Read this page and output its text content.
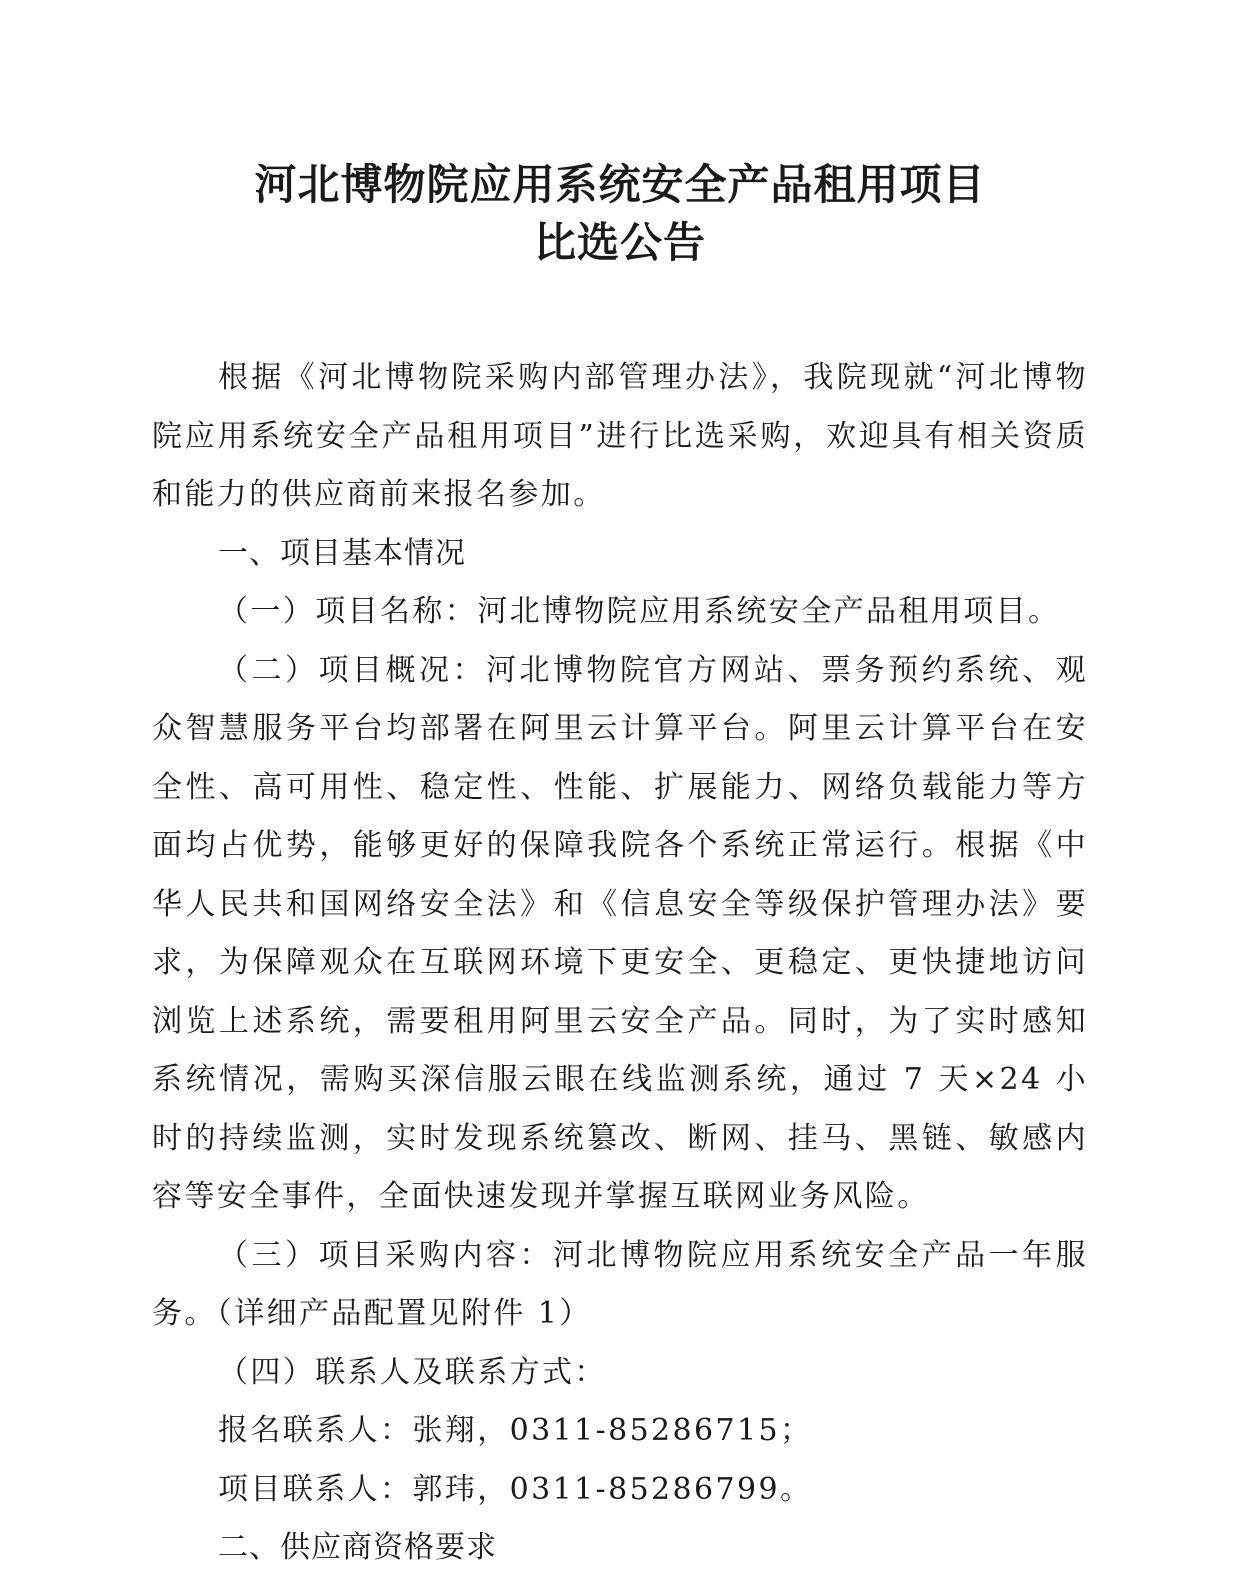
河北博物院应用系统安全产品租用项目
比选公告

根据《河北博物院采购内部管理办法》，我院现就“河北博物院应用系统安全产品租用项目”进行比选采购，欢迎具有相关资质和能力的供应商前来报名参加。

一、项目基本情况

（一）项目名称：河北博物院应用系统安全产品租用项目。

（二）项目概况：河北博物院官方网站、票务预约系统、观众智慧服务平台均部署在阿里云计算平台。阿里云计算平台在安全性、高可用性、稳定性、性能、扩展能力、网络负载能力等方面均占优势，能够更好的保障我院各个系统正常运行。根据《中华人民共和国网络安全法》和《信息安全等级保护管理办法》要求，为保障观众在互联网环境下更安全、更稳定、更快捷地访问浏览上述系统，需要租用阿里云安全产品。同时，为了实时感知系统情况，需购买深信服云眼在线监测系统，通过 7 天×24 小时的持续监测，实时发现系统篡改、断网、挂马、黑链、敏感内容等安全事件，全面快速发现并掌握互联网业务风险。

（三）项目采购内容：河北博物院应用系统安全产品一年服务。（详细产品配置见附件 1）

（四）联系人及联系方式：

报名联系人：张翔，0311-85286715；

项目联系人：郭玮，0311-85286799。

二、供应商资格要求
